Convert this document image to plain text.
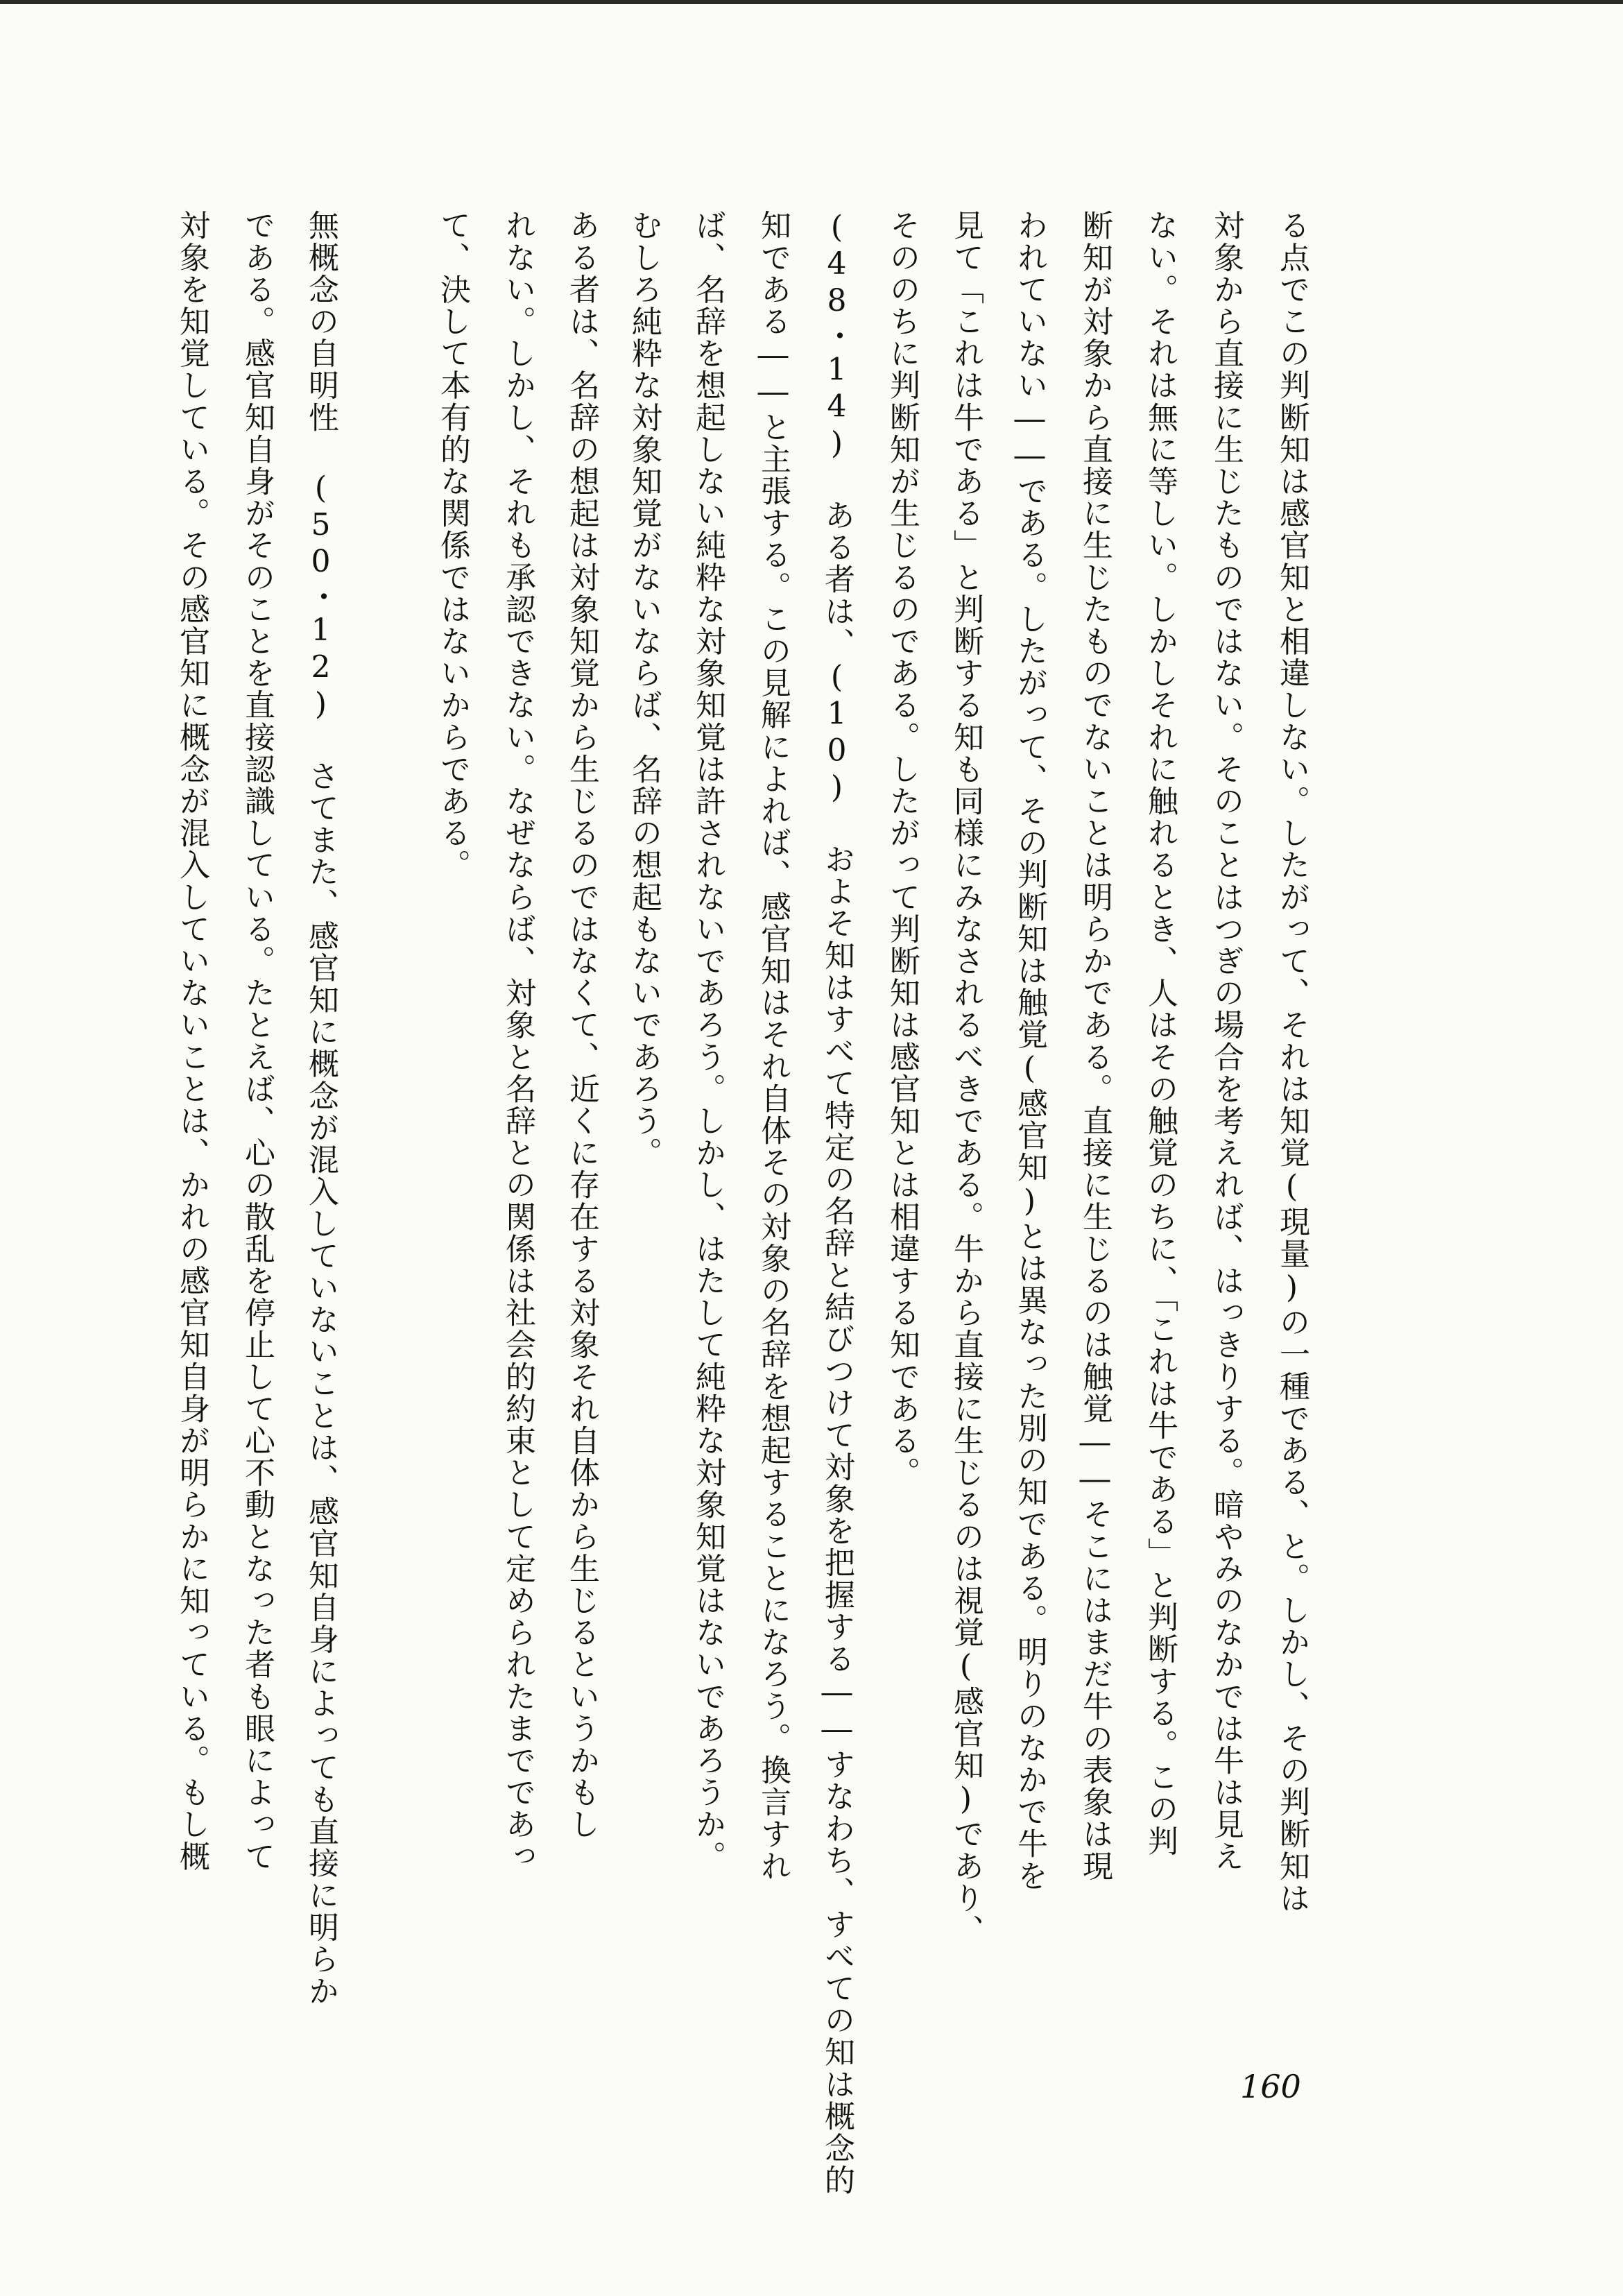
る点でこの判断知は感官知と相違しない。したがって、それは知覚(現量)の一種である、と。しかし、その判断知は
対象から直接に生じたものではない。そのことはつぎの場合を考えれば、はっきりする。暗やみのなかでは牛は見え
ない。それは無に等しい。しかしそれに触れるとき、人はその触覚のちに、「これは牛である」と判断する。この判
断知が対象から直接に生じたものでないことは明らかである。直接に生じるのは触覚――そこにはまだ牛の表象は現
われていない――である。したがって、その判断知は触覚(感官知)とは異なった別の知である。明りのなかで牛を
見て「これは牛である」と判断する知も同様にみなされるべきである。牛から直接に生じるのは視覚(感官知)であり、
そののちに判断知が生じるのである。したがって判断知は感官知とは相違する知である。
(48・14) ある者は、(10) およそ知はすべて特定の名辞と結びつけて対象を把握する――すなわち、すべての知は概念的
知である――と主張する。この見解によれば、感官知はそれ自体その対象の名辞を想起することになろう。換言すれ
ば、名辞を想起しない純粋な対象知覚は許されないであろう。しかし、はたして純粋な対象知覚はないであろうか。
むしろ純粋な対象知覚がないならば、名辞の想起もないであろう。
ある者は、名辞の想起は対象知覚から生じるのではなくて、近くに存在する対象それ自体から生じるというかもし
れない。しかし、それも承認できない。なぜならば、対象と名辞との関係は社会的約束として定められたまでであっ
て、決して本有的な関係ではないからである。
無概念の自明性 (50・12) さてまた、感官知に概念が混入していないことは、感官知自身によっても直接に明らか
である。感官知自身がそのことを直接認識している。たとえば、心の散乱を停止して心不動となった者も眼によって
対象を知覚している。その感官知に概念が混入していないことは、かれの感官知自身が明らかに知っている。もし概
160
